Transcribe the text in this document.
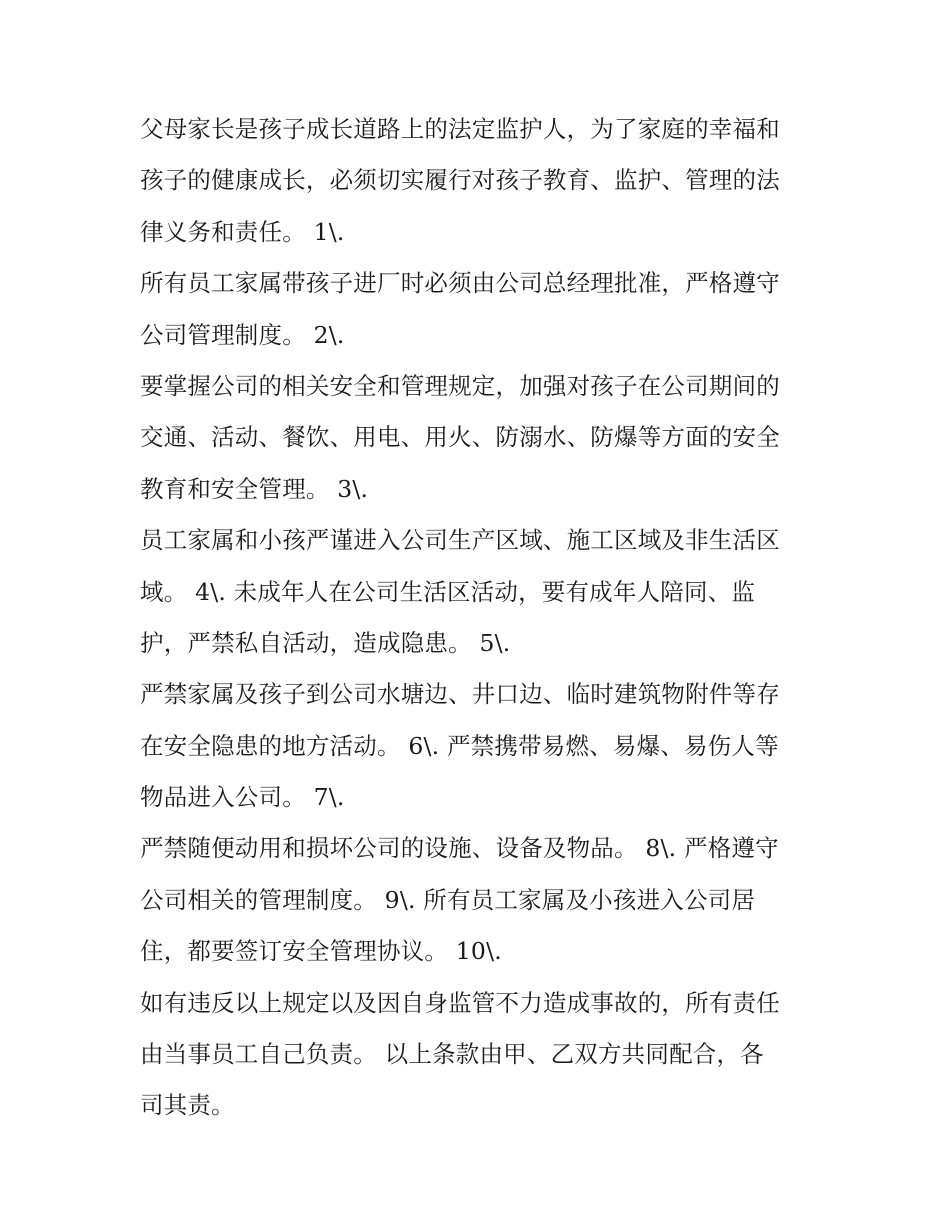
父母家长是孩子成长道路上的法定监护人，为了家庭的幸福和
孩子的健康成长，必须切实履行对孩子教育、监护、管理的法
律义务和责任。 1\.
所有员工家属带孩子进厂时必须由公司总经理批准，严格遵守
公司管理制度。 2\.
要掌握公司的相关安全和管理规定，加强对孩子在公司期间的
交通、活动、餐饮、用电、用火、防溺水、防爆等方面的安全
教育和安全管理。 3\.
员工家属和小孩严谨进入公司生产区域、施工区域及非生活区
域。 4\. 未成年人在公司生活区活动，要有成年人陪同、监
护，严禁私自活动，造成隐患。 5\.
严禁家属及孩子到公司水塘边、井口边、临时建筑物附件等存
在安全隐患的地方活动。 6\. 严禁携带易燃、易爆、易伤人等
物品进入公司。 7\.
严禁随便动用和损坏公司的设施、设备及物品。 8\. 严格遵守
公司相关的管理制度。 9\. 所有员工家属及小孩进入公司居
住，都要签订安全管理协议。 10\.
如有违反以上规定以及因自身监管不力造成事故的，所有责任
由当事员工自己负责。 以上条款由甲、乙双方共同配合，各
司其责。
